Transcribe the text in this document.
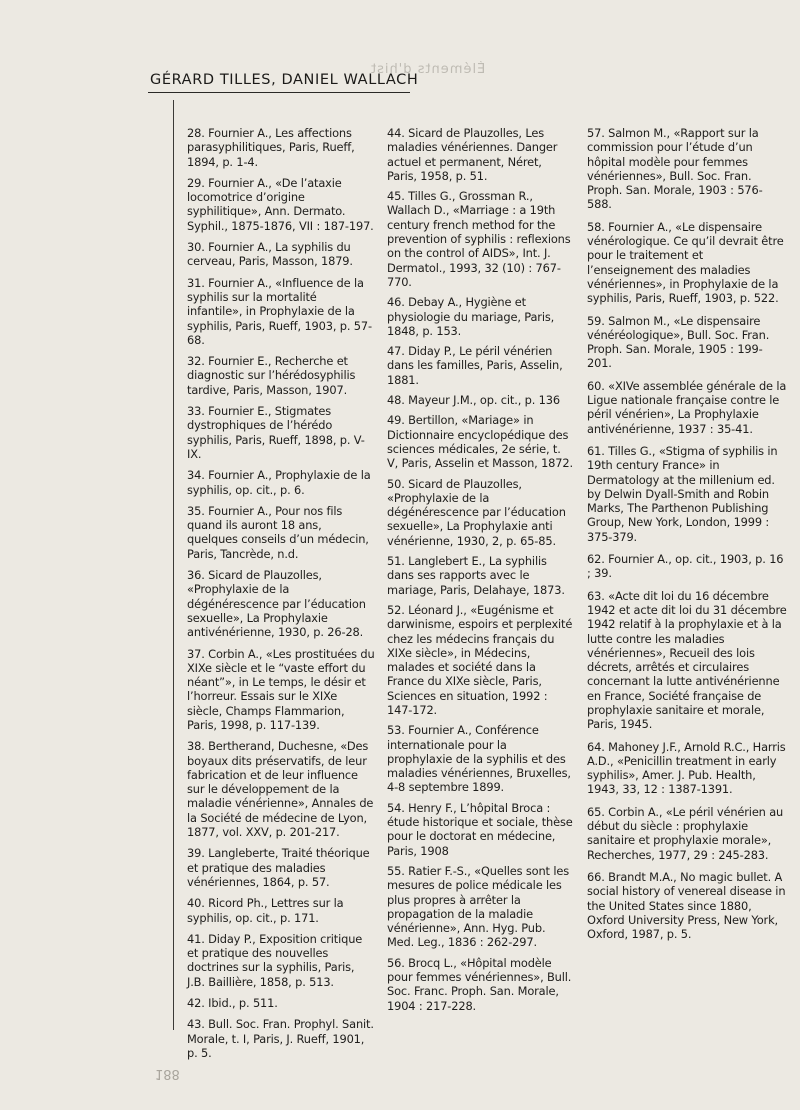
Éléments d'hist
GÉRARD TILLES, DANIEL WALLACH

28. Fournier A., Les affections parasyphilitiques, Paris, Rueff, 1894, p. 1-4.

29. Fournier A., «De l’ataxie locomotrice d’origine syphilitique», Ann. Dermato. Syphil., 1875-1876, VII : 187-197.

30. Fournier A., La syphilis du cerveau, Paris, Masson, 1879.

31. Fournier A., «Influence de la syphilis sur la mortalité infantile», in Prophylaxie de la syphilis, Paris, Rueff, 1903, p. 57-68.

32. Fournier E., Recherche et diagnostic sur l’hérédosyphilis tardive, Paris, Masson, 1907.

33. Fournier E., Stigmates dystrophiques de l’hérédo syphilis, Paris, Rueff, 1898, p. V-IX.

34. Fournier A., Prophylaxie de la syphilis, op. cit., p. 6.

35. Fournier A., Pour nos fils quand ils auront 18 ans, quelques conseils d’un médecin, Paris, Tancrède, n.d.

36. Sicard de Plauzolles, «Prophylaxie de la dégénérescence par l’éducation sexuelle», La Prophylaxie antivénérienne, 1930, p. 26-28.

37. Corbin A., «Les prostituées du XIXe siècle et le “vaste effort du néant”», in Le temps, le désir et l’horreur. Essais sur le XIXe siècle, Champs Flammarion, Paris, 1998, p. 117-139.

38. Bertherand, Duchesne, «Des boyaux dits préservatifs, de leur fabrication et de leur influence sur le développement de la maladie vénérienne», Annales de la Société de médecine de Lyon, 1877, vol. XXV, p. 201-217.

39. Langleberte, Traité théorique et pratique des maladies vénériennes, 1864, p. 57.

40. Ricord Ph., Lettres sur la syphilis, op. cit., p. 171.

41. Diday P., Exposition critique et pratique des nouvelles doctrines sur la syphilis, Paris, J.B. Baillière, 1858, p. 513.

42. Ibid., p. 511.

43. Bull. Soc. Fran. Prophyl. Sanit. Morale, t. I, Paris, J. Rueff, 1901, p. 5.

44. Sicard de Plauzolles, Les maladies vénériennes. Danger actuel et permanent, Néret, Paris, 1958, p. 51.

45. Tilles G., Grossman R., Wallach D., «Marriage : a 19th century french method for the prevention of syphilis : reflexions on the control of AIDS», Int. J. Dermatol., 1993, 32 (10) : 767-770.

46. Debay A., Hygiène et physiologie du mariage, Paris, 1848, p. 153.

47. Diday P., Le péril vénérien dans les familles, Paris, Asselin, 1881.

48. Mayeur J.M., op. cit., p. 136

49. Bertillon, «Mariage» in Dictionnaire encyclopédique des sciences médicales, 2e série, t. V, Paris, Asselin et Masson, 1872.

50. Sicard de Plauzolles, «Prophylaxie de la dégénérescence par l’éducation sexuelle», La Prophylaxie anti vénérienne, 1930, 2, p. 65-85.

51. Langlebert E., La syphilis dans ses rapports avec le mariage, Paris, Delahaye, 1873.

52. Léonard J., «Eugénisme et darwinisme, espoirs et perplexité chez les médecins français du XIXe siècle», in Médecins, malades et société dans la France du XIXe siècle, Paris, Sciences en situation, 1992 : 147-172.

53. Fournier A., Conférence internationale pour la prophylaxie de la syphilis et des maladies vénériennes, Bruxelles, 4-8 septembre 1899.

54. Henry F., L’hôpital Broca : étude historique et sociale, thèse pour le doctorat en médecine, Paris, 1908

55. Ratier F.-S., «Quelles sont les mesures de police médicale les plus propres à arrêter la propagation de la maladie vénérienne», Ann. Hyg. Pub. Med. Leg., 1836 : 262-297.

56. Brocq L., «Hôpital modèle pour femmes vénériennes», Bull. Soc. Franc. Proph. San. Morale, 1904 : 217-228.

57. Salmon M., «Rapport sur la commission pour l’étude d’un hôpital modèle pour femmes vénériennes», Bull. Soc. Fran. Proph. San. Morale, 1903 : 576-588.

58. Fournier A., «Le dispensaire vénérologique. Ce qu’il devrait être pour le traitement et l’enseignement des maladies vénériennes», in Prophylaxie de la syphilis, Paris, Rueff, 1903, p. 522.

59. Salmon M., «Le dispensaire vénéréologique», Bull. Soc. Fran. Proph. San. Morale, 1905 : 199-201.

60. «XIVe assemblée générale de la Ligue nationale française contre le péril vénérien», La Prophylaxie antivénérienne, 1937 : 35-41.

61. Tilles G., «Stigma of syphilis in 19th century France» in Dermatology at the millenium ed. by Delwin Dyall-Smith and Robin Marks, The Parthenon Publishing Group, New York, London, 1999 : 375-379.

62. Fournier A., op. cit., 1903, p. 16 ; 39.

63. «Acte dit loi du 16 décembre 1942 et acte dit loi du 31 décembre 1942 relatif à la prophylaxie et à la lutte contre les maladies vénériennes», Recueil des lois décrets, arrêtés et circulaires concernant la lutte antivénérienne en France, Société française de prophylaxie sanitaire et morale, Paris, 1945.

64. Mahoney J.F., Arnold R.C., Harris A.D., «Penicillin treatment in early syphilis», Amer. J. Pub. Health, 1943, 33, 12 : 1387-1391.

65. Corbin A., «Le péril vénérien au début du siècle : prophylaxie sanitaire et prophylaxie morale», Recherches, 1977, 29 : 245-283.

66. Brandt M.A., No magic bullet. A social history of venereal disease in the United States since 1880, Oxford University Press, New York, Oxford, 1987, p. 5.

188
